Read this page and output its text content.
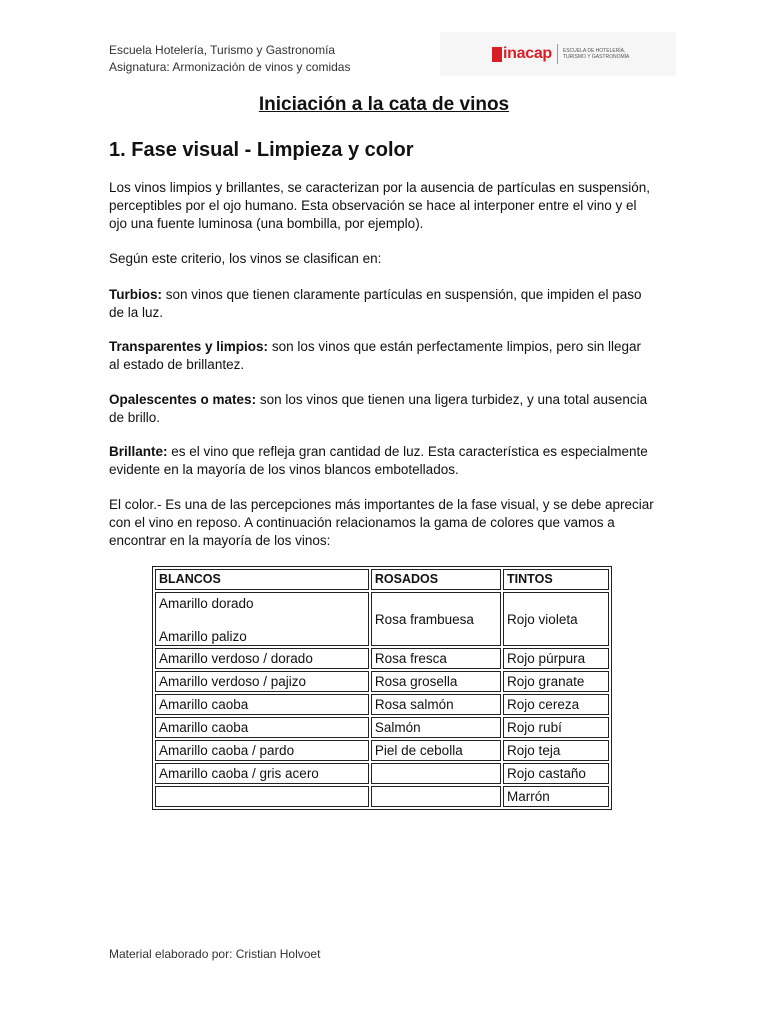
Escuela Hotelería, Turismo y Gastronomía
Asignatura: Armonización de vinos y comidas
inacap ESCUELA DE HOTELERÍA,
TURISMO Y GASTRONOMÍA
Iniciación a la cata de vinos
1. Fase visual - Limpieza y color

Los vinos limpios y brillantes, se caracterizan por la ausencia de partículas en suspensión, perceptibles por el ojo humano. Esta observación se hace al interponer entre el vino y el ojo una fuente luminosa (una bombilla, por ejemplo).

Según este criterio, los vinos se clasifican en:

Turbios: son vinos que tienen claramente partículas en suspensión, que impiden el paso de la luz.

Transparentes y limpios: son los vinos que están perfectamente limpios, pero sin llegar al estado de brillantez.

Opalescentes o mates: son los vinos que tienen una ligera turbidez, y una total ausencia de brillo.

Brillante: es el vino que refleja gran cantidad de luz. Esta característica es especialmente evidente en la mayoría de los vinos blancos embotellados.

El color.- Es una de las percepciones más importantes de la fase visual, y se debe apreciar con el vino en reposo. A continuación relacionamos la gama de colores que vamos a encontrar en la mayoría de los vinos:

BLANCOS	ROSADOS	TINTOS

Amarillo dorado
Amarillo palizo	Rosa frambuesa	Rojo violeta
Amarillo verdoso / dorado	Rosa fresca	Rojo púrpura
Amarillo verdoso / pajizo	Rosa grosella	Rojo granate
Amarillo caoba	Rosa salmón	Rojo cereza
Amarillo caoba	Salmón	Rojo rubí
Amarillo caoba / pardo	Piel de cebolla	Rojo teja
Amarillo caoba / gris acero		Rojo castaño
		Marrón
Material elaborado por: Cristian Holvoet
